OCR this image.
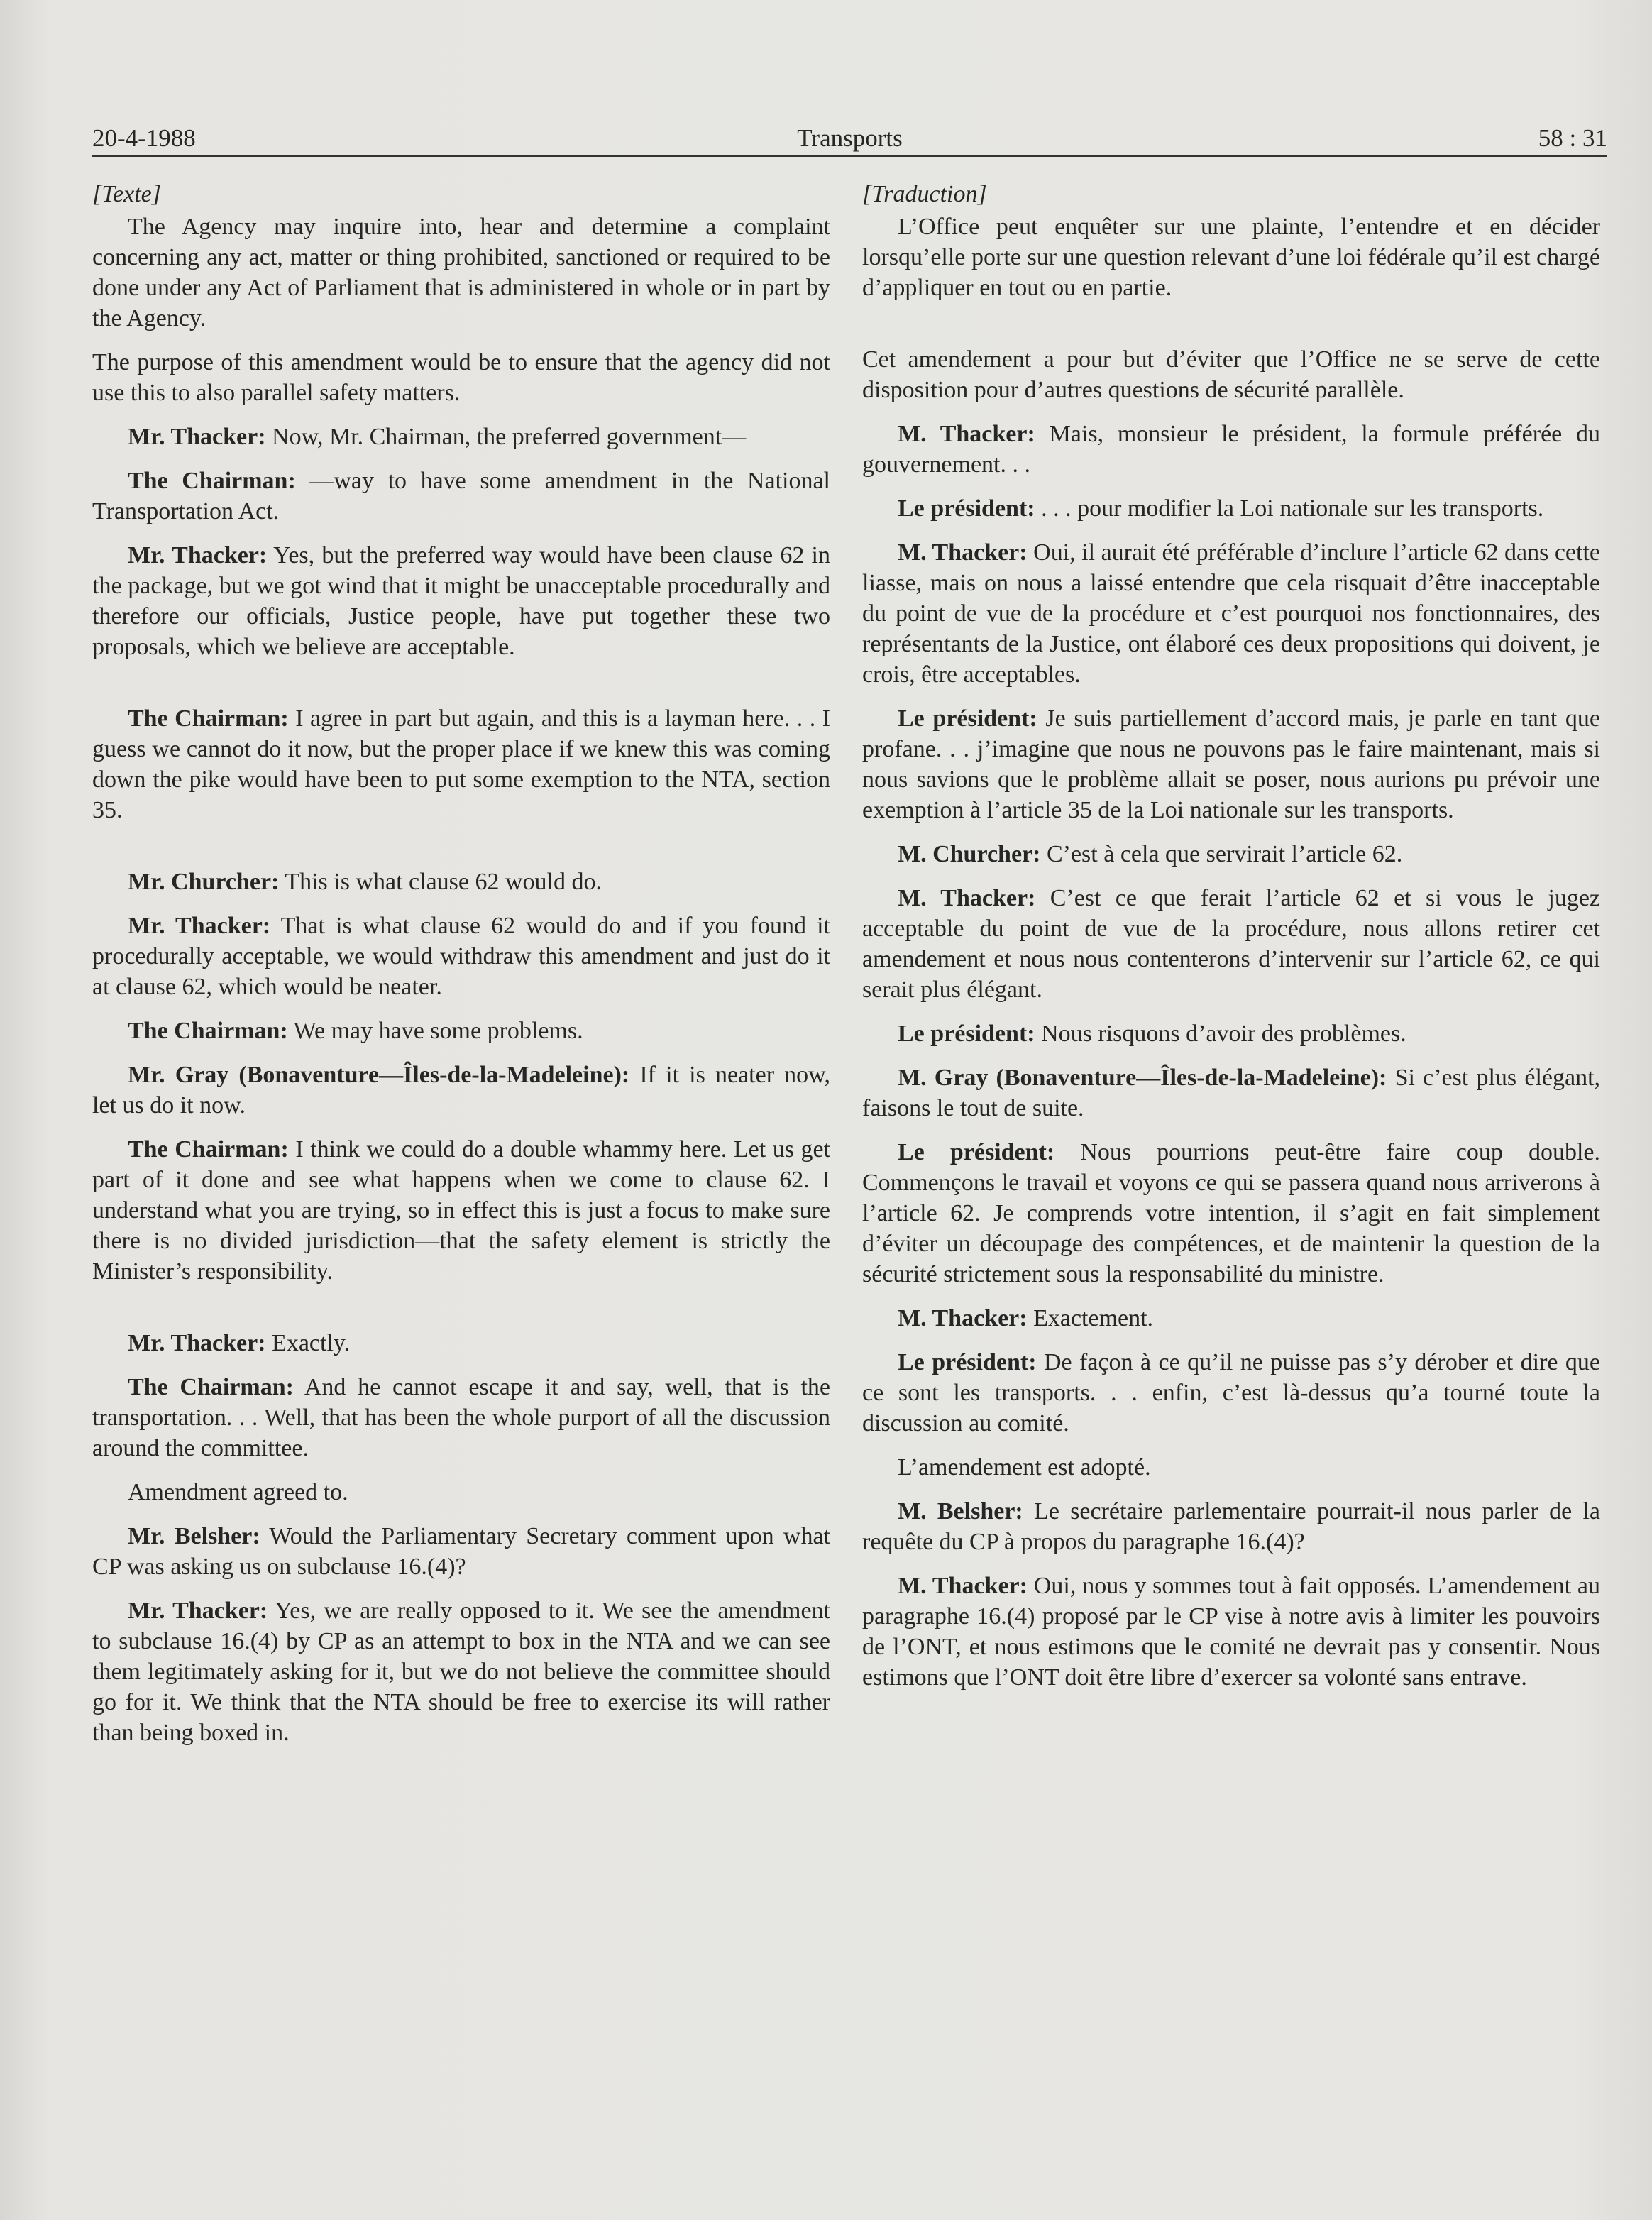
Transports
20-4-1988	58 : 31
[Texte]

The Agency may inquire into, hear and determine a complaint concerning any act, matter or thing prohibited, sanctioned or required to be done under any Act of Parliament that is administered in whole or in part by the Agency.

The purpose of this amendment would be to ensure that the agency did not use this to also parallel safety matters.

Mr. Thacker: Now, Mr. Chairman, the preferred government—

The Chairman: —way to have some amendment in the National Transportation Act.

Mr. Thacker: Yes, but the preferred way would have been clause 62 in the package, but we got wind that it might be unacceptable procedurally and therefore our officials, Justice people, have put together these two proposals, which we believe are acceptable.

The Chairman: I agree in part but again, and this is a layman here. . . I guess we cannot do it now, but the proper place if we knew this was coming down the pike would have been to put some exemption to the NTA, section 35.

Mr. Churcher: This is what clause 62 would do.

Mr. Thacker: That is what clause 62 would do and if you found it procedurally acceptable, we would withdraw this amendment and just do it at clause 62, which would be neater.

The Chairman: We may have some problems.

Mr. Gray (Bonaventure—Îles-de-la-Madeleine): If it is neater now, let us do it now.

The Chairman: I think we could do a double whammy here. Let us get part of it done and see what happens when we come to clause 62. I understand what you are trying, so in effect this is just a focus to make sure there is no divided jurisdiction—that the safety element is strictly the Minister’s responsibility.

Mr. Thacker: Exactly.

The Chairman: And he cannot escape it and say, well, that is the transportation. . . Well, that has been the whole purport of all the discussion around the committee.

Amendment agreed to.

Mr. Belsher: Would the Parliamentary Secretary comment upon what CP was asking us on subclause 16.(4)?

Mr. Thacker: Yes, we are really opposed to it. We see the amendment to subclause 16.(4) by CP as an attempt to box in the NTA and we can see them legitimately asking for it, but we do not believe the committee should go for it. We think that the NTA should be free to exercise its will rather than being boxed in.

[Traduction]

L’Office peut enquêter sur une plainte, l’entendre et en décider lorsqu’elle porte sur une question relevant d’une loi fédérale qu’il est chargé d’appliquer en tout ou en partie.

Cet amendement a pour but d’éviter que l’Office ne se serve de cette disposition pour d’autres questions de sécurité parallèle.

M. Thacker: Mais, monsieur le président, la formule préférée du gouvernement. . .

Le président: . . . pour modifier la Loi nationale sur les transports.

M. Thacker: Oui, il aurait été préférable d’inclure l’article 62 dans cette liasse, mais on nous a laissé entendre que cela risquait d’être inacceptable du point de vue de la procédure et c’est pourquoi nos fonctionnaires, des représentants de la Justice, ont élaboré ces deux propositions qui doivent, je crois, être acceptables.

Le président: Je suis partiellement d’accord mais, je parle en tant que profane. . . j’imagine que nous ne pouvons pas le faire maintenant, mais si nous savions que le problème allait se poser, nous aurions pu prévoir une exemption à l’article 35 de la Loi nationale sur les transports.

M. Churcher: C’est à cela que servirait l’article 62.

M. Thacker: C’est ce que ferait l’article 62 et si vous le jugez acceptable du point de vue de la procédure, nous allons retirer cet amendement et nous nous contenterons d’intervenir sur l’article 62, ce qui serait plus élégant.

Le président: Nous risquons d’avoir des problèmes.

M. Gray (Bonaventure—Îles-de-la-Madeleine): Si c’est plus élégant, faisons le tout de suite.

Le président: Nous pourrions peut-être faire coup double. Commençons le travail et voyons ce qui se passera quand nous arriverons à l’article 62. Je comprends votre intention, il s’agit en fait simplement d’éviter un découpage des compétences, et de maintenir la question de la sécurité strictement sous la responsabilité du ministre.

M. Thacker: Exactement.

Le président: De façon à ce qu’il ne puisse pas s’y dérober et dire que ce sont les transports. . . enfin, c’est là-dessus qu’a tourné toute la discussion au comité.

L’amendement est adopté.

M. Belsher: Le secrétaire parlementaire pourrait-il nous parler de la requête du CP à propos du paragraphe 16.(4)?

M. Thacker: Oui, nous y sommes tout à fait opposés. L’amendement au paragraphe 16.(4) proposé par le CP vise à notre avis à limiter les pouvoirs de l’ONT, et nous estimons que le comité ne devrait pas y consentir. Nous estimons que l’ONT doit être libre d’exercer sa volonté sans entrave.
